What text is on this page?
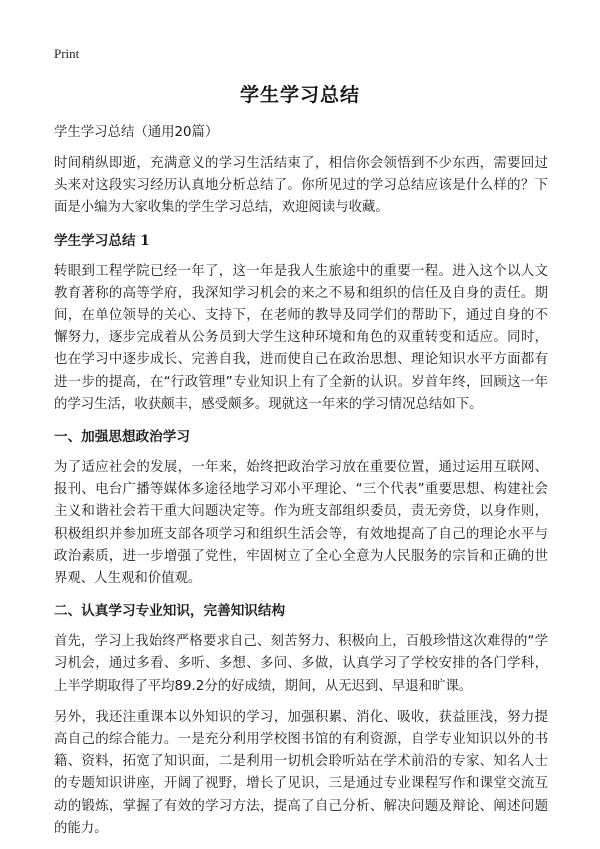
Print
学生学习总结
学生学习总结（通用20篇）

时间稍纵即逝，充满意义的学习生活结束了，相信你会领悟到不少东西，需要回过头来对这段实习经历认真地分析总结了。你所见过的学习总结应该是什么样的？下面是小编为大家收集的学生学习总结，欢迎阅读与收藏。

学生学习总结 1

转眼到工程学院已经一年了，这一年是我人生旅途中的重要一程。进入这个以人文教育著称的高等学府，我深知学习机会的来之不易和组织的信任及自身的责任。期间，在单位领导的关心、支持下，在老师的教导及同学们的帮助下，通过自身的不懈努力，逐步完成着从公务员到大学生这种环境和角色的双重转变和适应。同时，也在学习中逐步成长、完善自我，进而使自己在政治思想、理论知识水平方面都有进一步的提高，在“行政管理”专业知识上有了全新的认识。岁首年终，回顾这一年的学习生活，收获颇丰，感受颇多。现就这一年来的学习情况总结如下。

一、加强思想政治学习

为了适应社会的发展，一年来，始终把政治学习放在重要位置，通过运用互联网、报刊、电台广播等媒体多途径地学习邓小平理论、“三个代表”重要思想、构建社会主义和谐社会若干重大问题决定等。作为班支部组织委员，责无旁贷，以身作则，积极组织并参加班支部各项学习和组织生活会等，有效地提高了自己的理论水平与政治素质，进一步增强了党性，牢固树立了全心全意为人民服务的宗旨和正确的世界观、人生观和价值观。

二、认真学习专业知识，完善知识结构

首先，学习上我始终严格要求自己、刻苦努力、积极向上，百般珍惜这次难得的“学习机会，通过多看、多听、多想、多问、多做，认真学习了学校安排的各门学科，上半学期取得了平均89.2分的好成绩，期间，从无迟到、早退和旷课。

另外，我还注重课本以外知识的学习，加强积累、消化、吸收，获益匪浅，努力提高自己的综合能力。一是充分利用学校图书馆的有利资源，自学专业知识以外的书籍、资料，拓宽了知识面，二是利用一切机会聆听站在学术前沿的专家、知名人士的专题知识讲座，开阔了视野，增长了见识，三是通过专业课程写作和课堂交流互动的锻炼，掌握了有效的学习方法，提高了自己分析、解决问题及辩论、阐述问题的能力。
